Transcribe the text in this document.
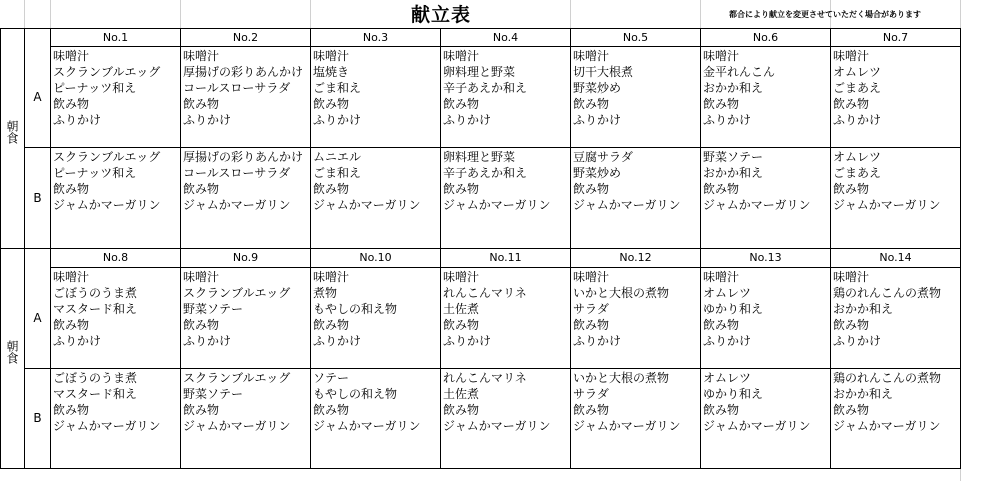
献立表	都合により献立を変更させていただく場合があります
朝食
A
B
No.1
味噌汁
スクランブルエッグ
ピーナッツ和え
飲み物
ふりかけ
スクランブルエッグ
ピーナッツ和え
飲み物
ジャムかマーガリン
No.2
味噌汁
厚揚げの彩りあんかけ
コールスローサラダ
飲み物
ふりかけ
厚揚げの彩りあんかけ
コールスローサラダ
飲み物
ジャムかマーガリン
No.3
味噌汁
塩焼き
ごま和え
飲み物
ふりかけ
ムニエル
ごま和え
飲み物
ジャムかマーガリン
No.4
味噌汁
卵料理と野菜
辛子あえか和え
飲み物
ふりかけ
卵料理と野菜
辛子あえか和え
飲み物
ジャムかマーガリン
No.5
味噌汁
切干大根煮
野菜炒め
飲み物
ふりかけ
豆腐サラダ
野菜炒め
飲み物
ジャムかマーガリン
No.6
味噌汁
金平れんこん
おかか和え
飲み物
ふりかけ
野菜ソテー
おかか和え
飲み物
ジャムかマーガリン
No.7
味噌汁
オムレツ
ごまあえ
飲み物
ふりかけ
オムレツ
ごまあえ
飲み物
ジャムかマーガリン
朝食
A
B
No.8
味噌汁
ごぼうのうま煮
マスタード和え
飲み物
ふりかけ
ごぼうのうま煮
マスタード和え
飲み物
ジャムかマーガリン
No.9
味噌汁
スクランブルエッグ
野菜ソテー
飲み物
ふりかけ
スクランブルエッグ
野菜ソテー
飲み物
ジャムかマーガリン
No.10
味噌汁
煮物
もやしの和え物
飲み物
ふりかけ
ソテー
もやしの和え物
飲み物
ジャムかマーガリン
No.11
味噌汁
れんこんマリネ
土佐煮
飲み物
ふりかけ
れんこんマリネ
土佐煮
飲み物
ジャムかマーガリン
No.12
味噌汁
いかと大根の煮物
サラダ
飲み物
ふりかけ
いかと大根の煮物
サラダ
飲み物
ジャムかマーガリン
No.13
味噌汁
オムレツ
ゆかり和え
飲み物
ふりかけ
オムレツ
ゆかり和え
飲み物
ジャムかマーガリン
No.14
味噌汁
鶏のれんこんの煮物
おかか和え
飲み物
ふりかけ
鶏のれんこんの煮物
おかか和え
飲み物
ジャムかマーガリン
